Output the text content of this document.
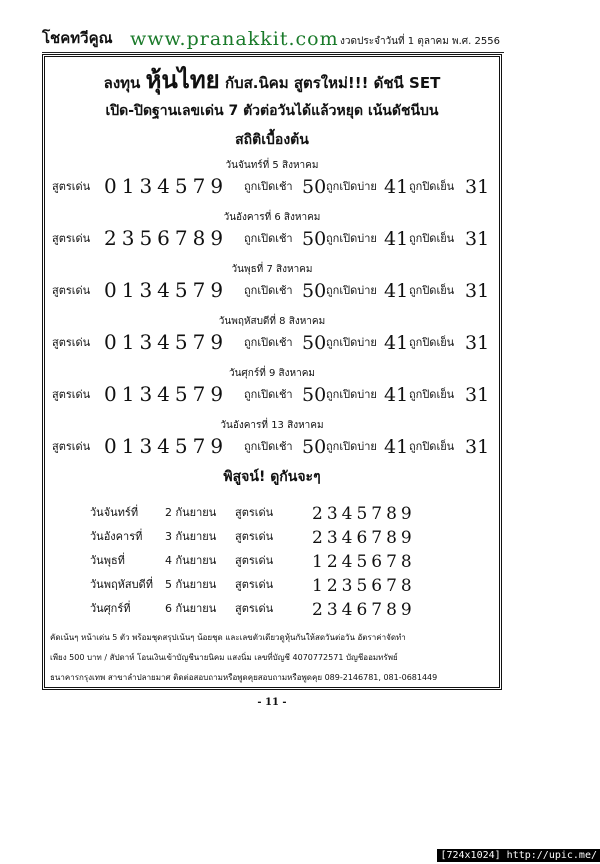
โชคทวีคูณ www.pranakkit.com งวดประจำวันที่ 1 ตุลาคม พ.ศ. 2556
ลงทุน หุ้นไทย กับส.นิคม สูตรใหม่!!! ดัชนี SET
เปิด-ปิดฐานเลขเด่น 7 ตัวต่อวันได้แล้วหยุด เน้นดัชนีบน
สถิติเบื้องต้น
วันจันทร์ที่ 5 สิงหาคม
สูตรเด่น 0134579 ถูกเปิดเช้า 50 ถูกเปิดบ่าย 41 ถูกปิดเย็น 31
วันอังคารที่ 6 สิงหาคม
สูตรเด่น 2356789 ถูกเปิดเช้า 50 ถูกเปิดบ่าย 41 ถูกปิดเย็น 31
วันพุธที่ 7 สิงหาคม
สูตรเด่น 0134579 ถูกเปิดเช้า 50 ถูกเปิดบ่าย 41 ถูกปิดเย็น 31
วันพฤหัสบดีที่ 8 สิงหาคม
สูตรเด่น 0134579 ถูกเปิดเช้า 50 ถูกเปิดบ่าย 41 ถูกปิดเย็น 31
วันศุกร์ที่ 9 สิงหาคม
สูตรเด่น 0134579 ถูกเปิดเช้า 50 ถูกเปิดบ่าย 41 ถูกปิดเย็น 31
วันอังคารที่ 13 สิงหาคม
สูตรเด่น 0134579 ถูกเปิดเช้า 50 ถูกเปิดบ่าย 41 ถูกปิดเย็น 31
พิสูจน์! ดูกันจะๆ
วันจันทร์ที่ 2 กันยายน สูตรเด่น 2345789
วันอังคารที่ 3 กันยายน สูตรเด่น 2346789
วันพุธที่	4 กันยายน สูตรเด่น 1245678
วันพฤหัสบดีที่ 5 กันยายน สูตรเด่น 1235678
วันศุกร์ที่	6 กันยายน สูตรเด่น 2346789
คัดเน้นๆ หน้าเด่น 5 ตัว พร้อมชุดสรุปเน้นๆ น้อยชุด และเลขตัวเดียวดูหุ้นกันให้สดวันต่อวัน อัตราค่าจัดทำ
เพียง 500 บาท / สัปดาห์ โอนเงินเข้าบัญชีนายนิคม แสงนิ่ม เลขที่บัญชี 4070772571 บัญชีออมทรัพย์
ธนาคารกรุงเทพ สาขาลำปลายมาศ ติดต่อสอบถามหรือพูดคุยสอบถามหรือพูดคุย 089-2146781, 081-0681449
- 11 -
[724x1024] http://upic.me/
